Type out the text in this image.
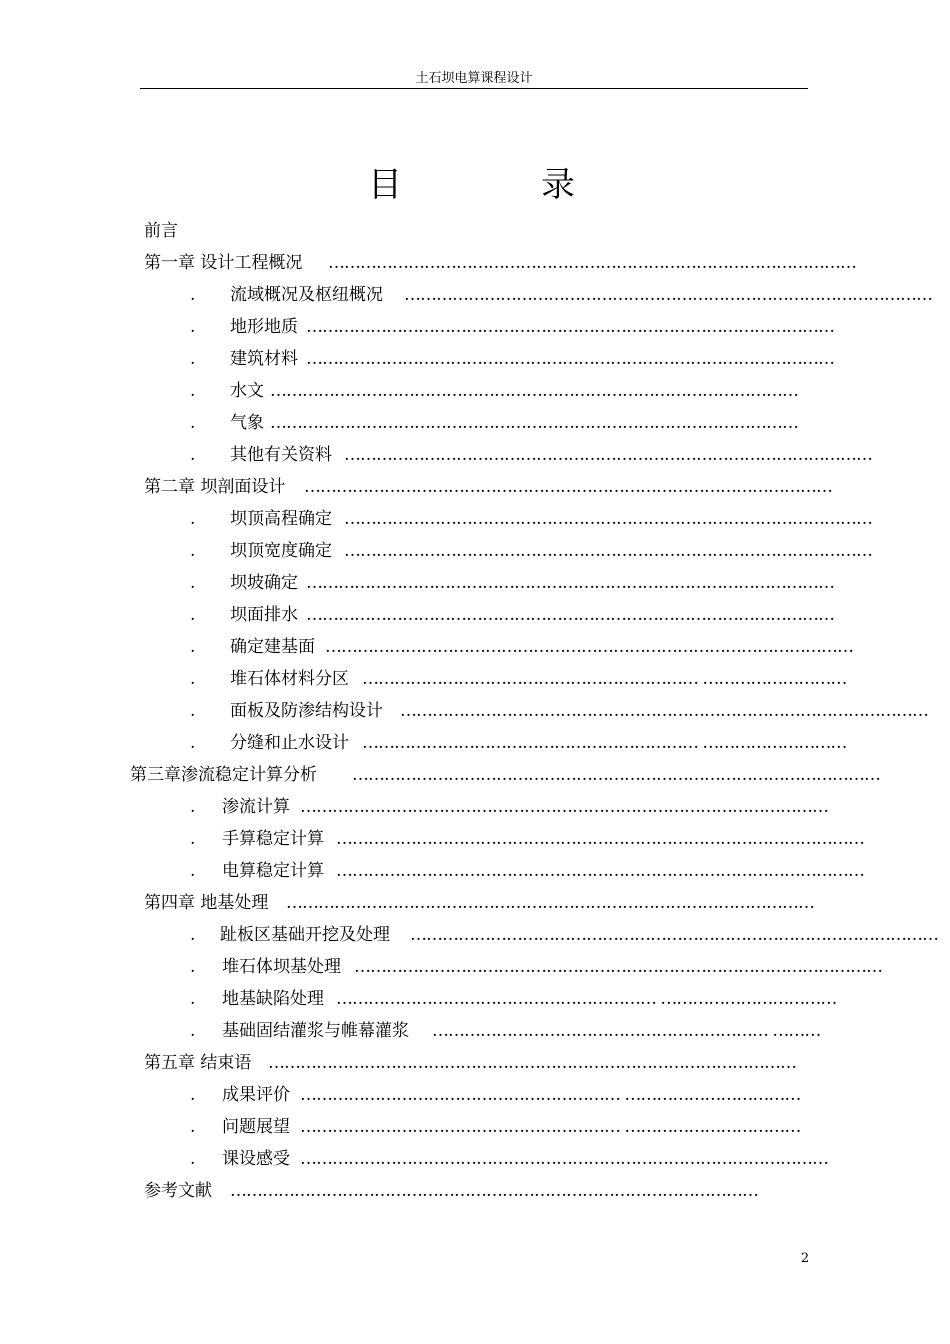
土石坝电算课程设计
目	录
前言
第一章 设计工程概况 ………………………………………………………………………………………
. 流域概况及枢纽概况 ………………………………………………………………………………………
. 地形地质 ………………………………………………………………………………………
. 建筑材料 ………………………………………………………………………………………
. 水文 ………………………………………………………………………………………
. 气象 ………………………………………………………………………………………
. 其他有关资料 ………………………………………………………………………………………
第二章 坝剖面设计 ………………………………………………………………………………………
. 坝顶高程确定 ………………………………………………………………………………………
. 坝顶宽度确定 ………………………………………………………………………………………
. 坝坡确定 ………………………………………………………………………………………
. 坝面排水 ………………………………………………………………………………………
. 确定建基面 ………………………………………………………………………………………
. 堆石体材料分区 ……………………………………………………… ………………………
. 面板及防渗结构设计 ………………………………………………………………………………………
. 分缝和止水设计 ……………………………………………………… ………………………
第三章渗流稳定计算分析 ………………………………………………………………………………………
. 渗流计算 ………………………………………………………………………………………
. 手算稳定计算 ………………………………………………………………………………………
. 电算稳定计算 ………………………………………………………………………………………
第四章 地基处理 ………………………………………………………………………………………
. 趾板区基础开挖及处理 ………………………………………………………………………………………
. 堆石体坝基处理 ………………………………………………………………………………………
. 地基缺陷处理 …………………………………………………… ……………………………
. 基础固结灌浆与帷幕灌浆 ……………………………………………………… ………
第五章 结束语 ………………………………………………………………………………………
. 成果评价 …………………………………………………… ……………………………
. 问题展望 …………………………………………………… ……………………………
. 课设感受 ………………………………………………………………………………………
参考文献 ………………………………………………………………………………………
2
